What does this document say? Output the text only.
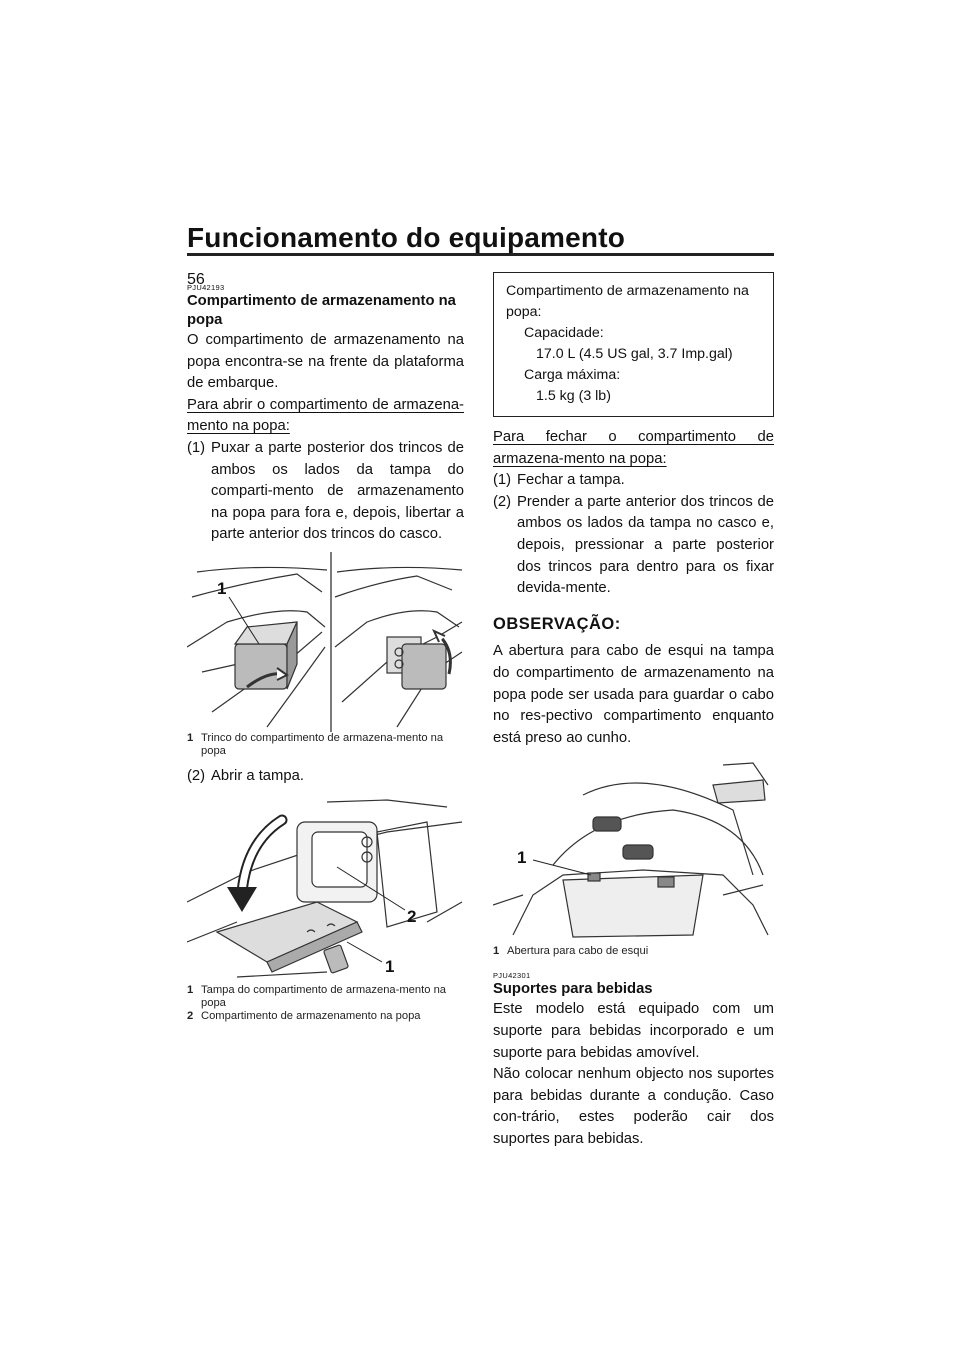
Funcionamento do equipamento
PJU42193
Compartimento de armazenamento na popa

O compartimento de armazenamento na popa encontra-se na frente da plataforma de embarque.

Para abrir o compartimento de armazena-mento na popa:

(1) Puxar a parte posterior dos trincos de ambos os lados da tampa do comparti-mento de armazenamento na popa para fora e, depois, libertar a parte anterior dos trincos do casco.
1
1 Trinco do compartimento de armazena-mento na popa
(2) Abrir a tampa.
2
1
1 Tampa do compartimento de armazena-mento na popa
2 Compartimento de armazenamento na popa
Compartimento de armazenamento na popa:
Capacidade:
17.0 L (4.5 US gal, 3.7 Imp.gal)
Carga máxima:
1.5 kg (3 lb)

Para fechar o compartimento de armazena-mento na popa:

(1) Fechar a tampa.
(2) Prender a parte anterior dos trincos de ambos os lados da tampa no casco e, depois, pressionar a parte posterior dos trincos para dentro para os fixar devida-mente.
OBSERVAÇÃO:

A abertura para cabo de esqui na tampa do compartimento de armazenamento na popa pode ser usada para guardar o cabo no res-pectivo compartimento enquanto está preso ao cunho.

1
1 Abertura para cabo de esqui
PJU42301
Suportes para bebidas

Este modelo está equipado com um suporte para bebidas incorporado e um suporte para bebidas amovível.

Não colocar nenhum objecto nos suportes para bebidas durante a condução. Caso con-trário, estes poderão cair dos suportes para bebidas.

56
